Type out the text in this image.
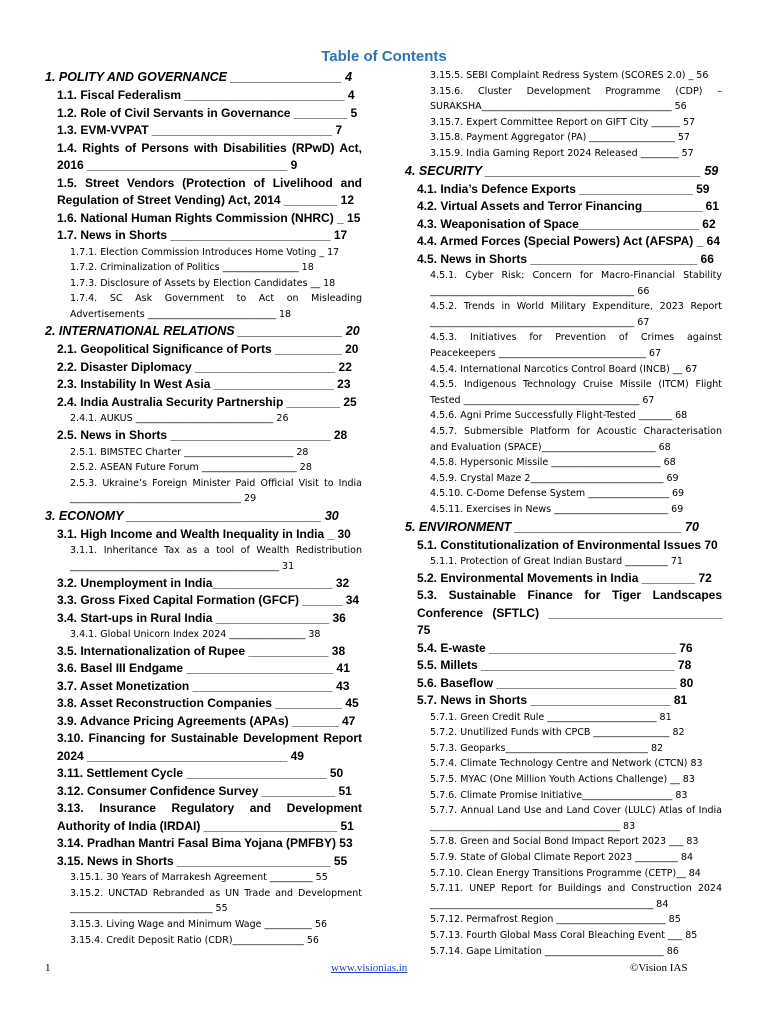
Table of Contents
1. POLITY AND GOVERNANCE ________________ 4
1.1. Fiscal Federalism ________________________ 4
1.2. Role of Civil Servants in Governance ________ 5
1.3. EVM-VVPAT ___________________________ 7
1.4. Rights of Persons with Disabilities (RPwD) Act, 2016 ______________________________ 9
1.5. Street Vendors (Protection of Livelihood and Regulation of Street Vending) Act, 2014 ________ 12
1.6. National Human Rights Commission (NHRC) _ 15
1.7. News in Shorts ________________________ 17
1.7.1. Election Commission Introduces Home Voting _ 17
1.7.2. Criminalization of Politics ________________ 18
1.7.3. Disclosure of Assets by Election Candidates __ 18
1.7.4. SC Ask Government to Act on Misleading Advertisements ___________________________ 18
2. INTERNATIONAL RELATIONS _______________ 20
2.1. Geopolitical Significance of Ports __________ 20
2.2. Disaster Diplomacy _____________________ 22
2.3. Instability In West Asia __________________ 23
2.4. India Australia Security Partnership ________ 25
2.4.1. AUKUS _____________________________ 26
2.5. News in Shorts ________________________ 28
2.5.1. BIMSTEC Charter _______________________ 28
2.5.2. ASEAN Future Forum ____________________ 28
2.5.3. Ukraine’s Foreign Minister Paid Official Visit to India ____________________________________ 29
3. ECONOMY ____________________________ 30
3.1. High Income and Wealth Inequality in India _ 30
3.1.1. Inheritance Tax as a tool of Wealth Redistribution ____________________________________________ 31
3.2. Unemployment in India__________________ 32
3.3. Gross Fixed Capital Formation (GFCF) ______ 34
3.4. Start-ups in Rural India _________________ 36
3.4.1. Global Unicorn Index 2024 ________________ 38
3.5. Internationalization of Rupee ____________ 38
3.6. Basel III Endgame ______________________ 41
3.7. Asset Monetization _____________________ 43
3.8. Asset Reconstruction Companies __________ 45
3.9. Advance Pricing Agreements (APAs) _______ 47
3.10. Financing for Sustainable Development Report 2024 ______________________________ 49
3.11. Settlement Cycle _____________________ 50
3.12. Consumer Confidence Survey ___________ 51
3.13. Insurance Regulatory and Development Authority of India (IRDAI) ____________________ 51
3.14. Pradhan Mantri Fasal Bima Yojana (PMFBY) 53
3.15. News in Shorts _______________________ 55
3.15.1. 30 Years of Marrakesh Agreement _________ 55
3.15.2. UNCTAD Rebranded as UN Trade and Development ______________________________ 55
3.15.3. Living Wage and Minimum Wage __________ 56
3.15.4. Credit Deposit Ratio (CDR)_______________ 56
3.15.5. SEBI Complaint Redress System (SCORES 2.0) _ 56
3.15.6. Cluster Development Programme (CDP) – SURAKSHA________________________________________ 56
3.15.7. Expert Committee Report on GIFT City ______ 57
3.15.8. Payment Aggregator (PA) __________________ 57
3.15.9. India Gaming Report 2024 Released ________ 57
4. SECURITY _______________________________ 59
4.1. India’s Defence Exports _________________ 59
4.2. Virtual Assets and Terror Financing_________ 61
4.3. Weaponisation of Space__________________ 62
4.4. Armed Forces (Special Powers) Act (AFSPA) _ 64
4.5. News in Shorts _________________________ 66
4.5.1. Cyber Risk: Concern for Macro-Financial Stability ___________________________________________ 66
4.5.2. Trends in World Military Expenditure, 2023 Report ___________________________________________ 67
4.5.3. Initiatives for Prevention of Crimes against Peacekeepers _______________________________ 67
4.5.4. International Narcotics Control Board (INCB) __ 67
4.5.5. Indigenous Technology Cruise Missile (ITCM) Flight Tested _____________________________________ 67
4.5.6. Agni Prime Successfully Flight-Tested _______ 68
4.5.7. Submersible Platform for Acoustic Characterisation and Evaluation (SPACE)________________________ 68
4.5.8. Hypersonic Missile _______________________ 68
4.5.9. Crystal Maze 2____________________________ 69
4.5.10. C-Dome Defense System _________________ 69
4.5.11. Exercises in News ________________________ 69
5. ENVIRONMENT ________________________ 70
5.1. Constitutionalization of Environmental Issues 70
5.1.1. Protection of Great Indian Bustard _________ 71
5.2. Environmental Movements in India ________ 72
5.3. Sustainable Finance for Tiger Landscapes Conference (SFTLC) __________________________ 75
5.4. E-waste ____________________________ 76
5.5. Millets _____________________________ 78
5.6. Baseflow ___________________________ 80
5.7. News in Shorts _____________________ 81
5.7.1. Green Credit Rule _______________________ 81
5.7.2. Unutilized Funds with CPCB ________________ 82
5.7.3. Geoparks______________________________ 82
5.7.4. Climate Technology Centre and Network (CTCN) 83
5.7.5. MYAC (One Million Youth Actions Challenge) __ 83
5.7.6. Climate Promise Initiative___________________ 83
5.7.7. Annual Land Use and Land Cover (LULC) Atlas of India ________________________________________ 83
5.7.8. Green and Social Bond Impact Report 2023 ___ 83
5.7.9. State of Global Climate Report 2023 _________ 84
5.7.10. Clean Energy Transitions Programme (CETP)__ 84
5.7.11. UNEP Report for Buildings and Construction 2024 _______________________________________________ 84
5.7.12. Permafrost Region _______________________ 85
5.7.13. Fourth Global Mass Coral Bleaching Event ___ 85
5.7.14. Gape Limitation _________________________ 86
1	www.visionias.in	©Vision IAS
